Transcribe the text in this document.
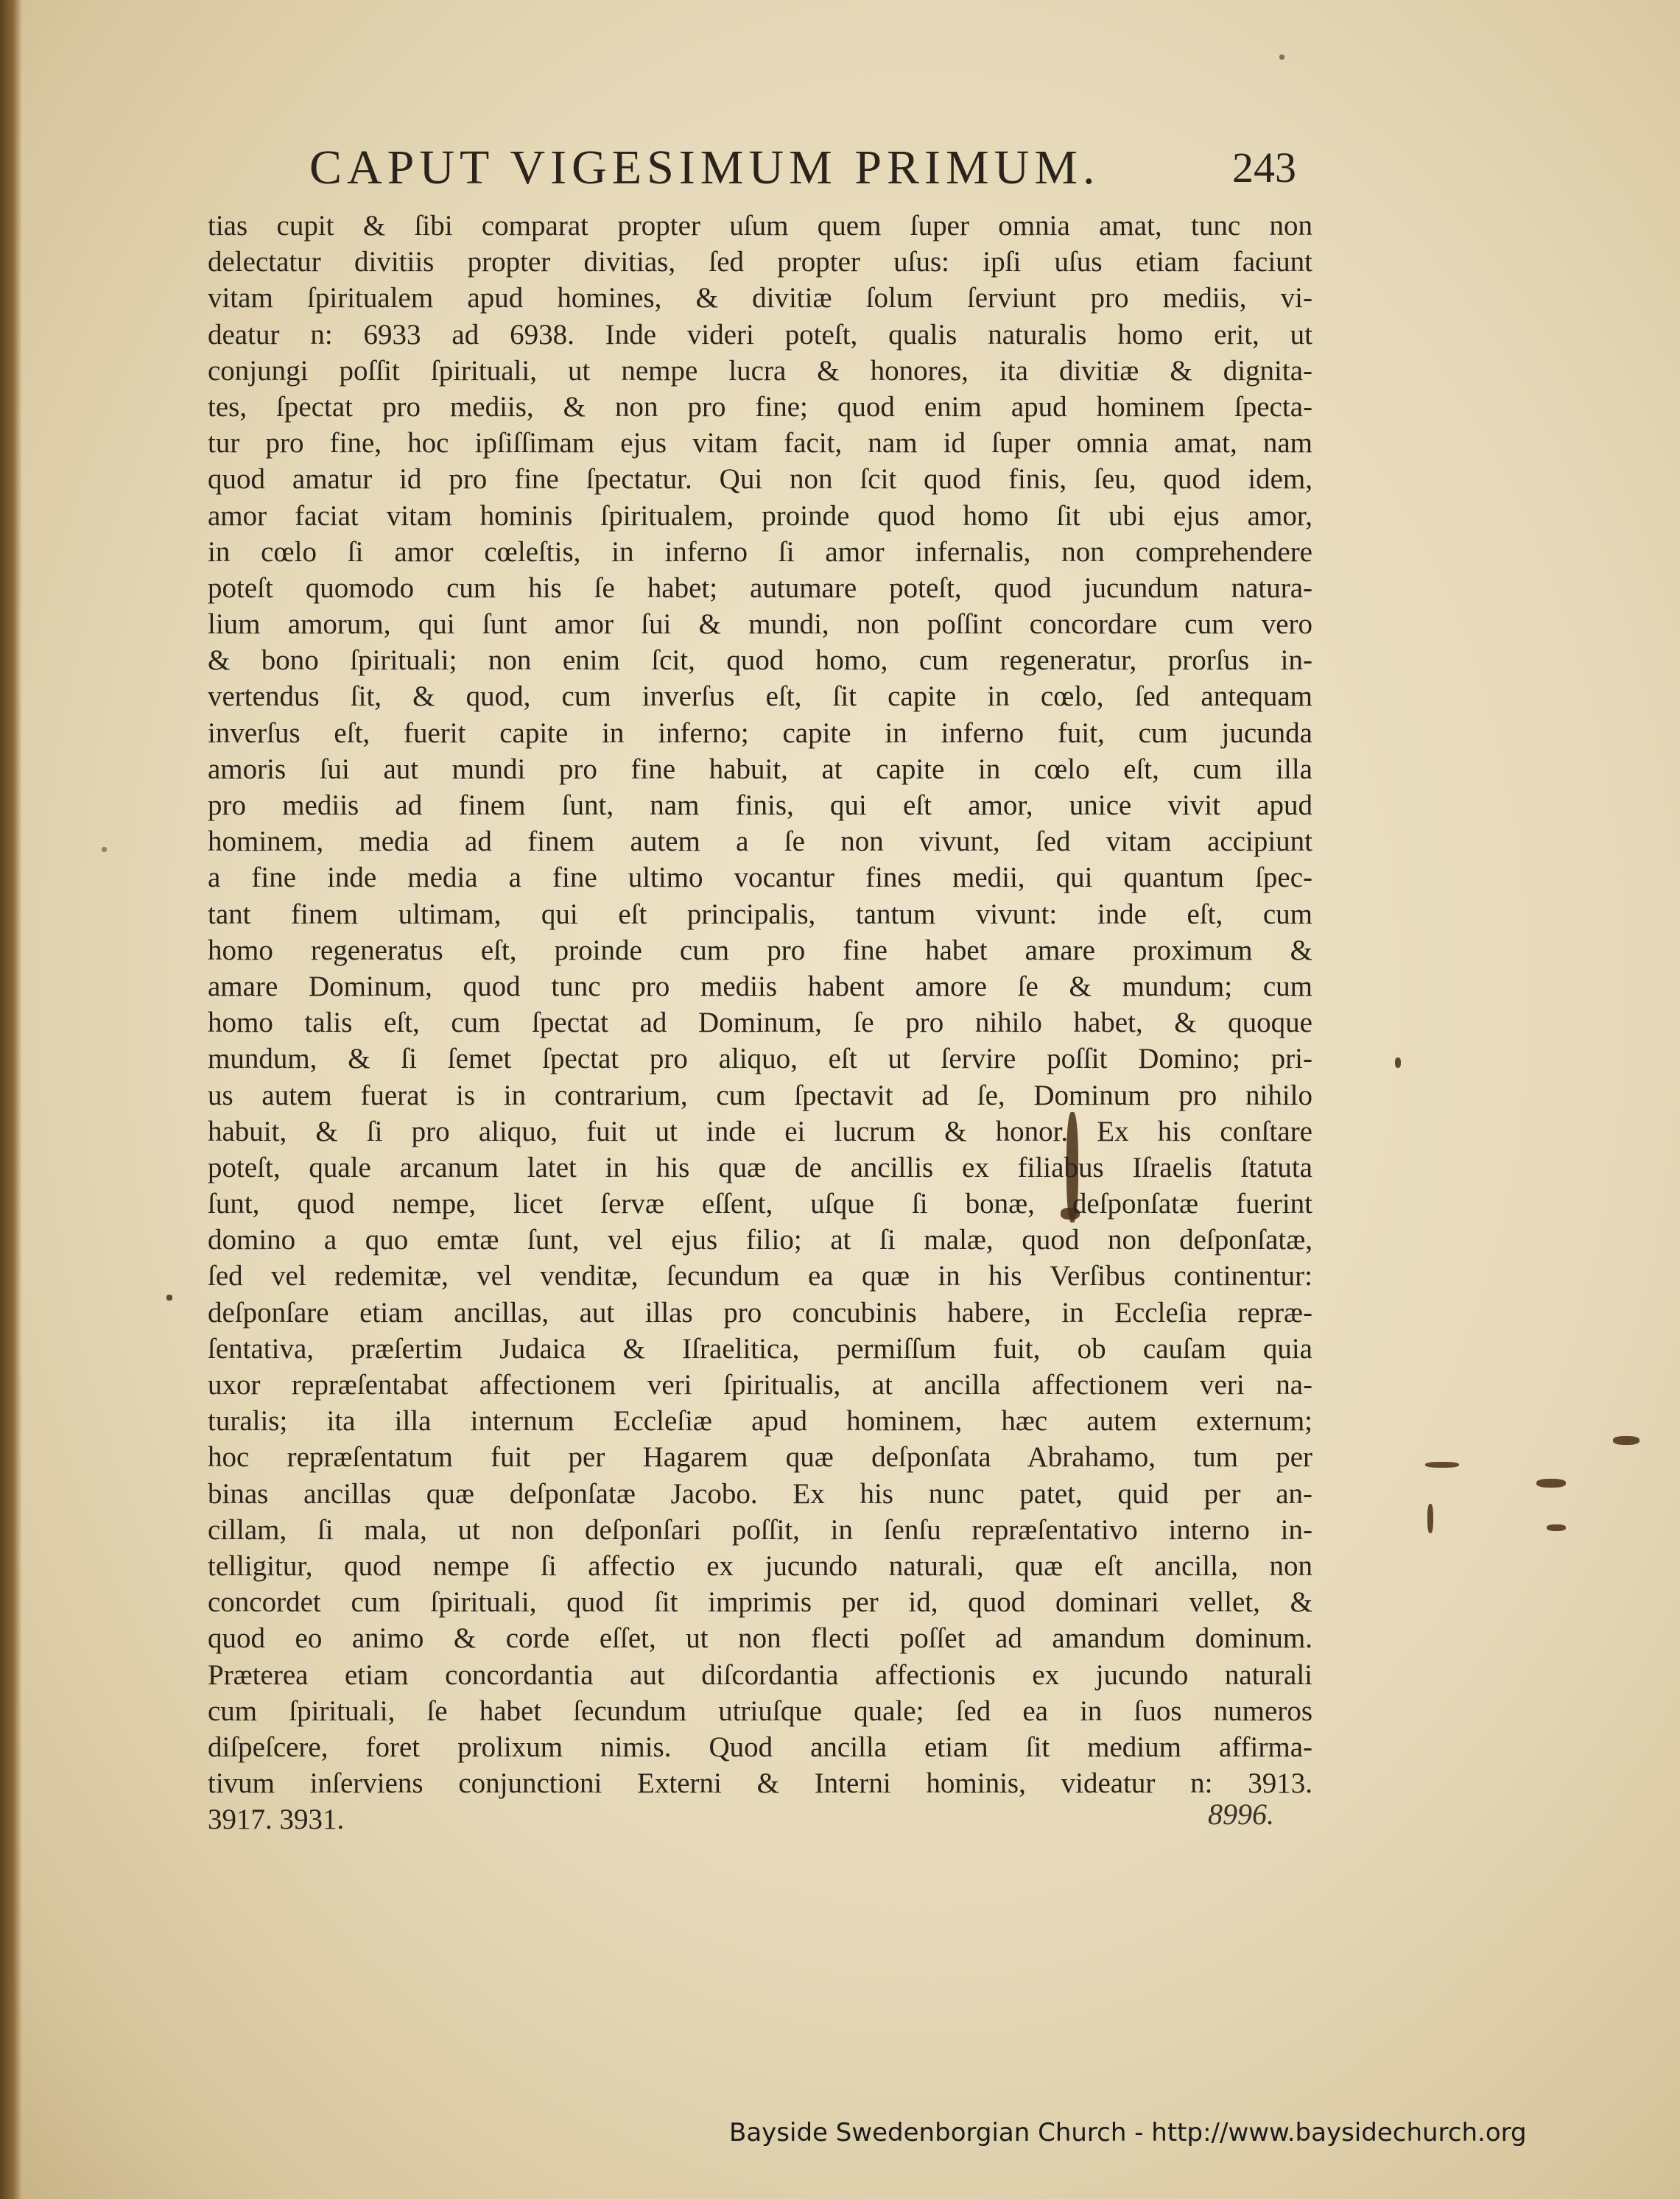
CAPUT VIGESIMUM PRIMUM.	243
tias cupit & ſibi comparat propter uſum quem ſuper omnia amat, tunc non
delectatur divitiis propter divitias, ſed propter uſus: ipſi uſus etiam faciunt
vitam ſpiritualem apud homines, & divitiæ ſolum ſerviunt pro mediis, vi-
deatur n: 6933 ad 6938. Inde videri poteſt, qualis naturalis homo erit, ut
conjungi poſſit ſpirituali, ut nempe lucra & honores, ita divitiæ & dignita-
tes, ſpectat pro mediis, & non pro fine; quod enim apud hominem ſpecta-
tur pro fine, hoc ipſiſſimam ejus vitam facit, nam id ſuper omnia amat, nam
quod amatur id pro fine ſpectatur. Qui non ſcit quod finis, ſeu, quod idem,
amor faciat vitam hominis ſpiritualem, proinde quod homo ſit ubi ejus amor,
in cœlo ſi amor cœleſtis, in inferno ſi amor infernalis, non comprehendere
poteſt quomodo cum his ſe habet; autumare poteſt, quod jucundum natura-
lium amorum, qui ſunt amor ſui & mundi, non poſſint concordare cum vero
& bono ſpirituali; non enim ſcit, quod homo, cum regeneratur, prorſus in-
vertendus ſit, & quod, cum inverſus eſt, ſit capite in cœlo, ſed antequam
inverſus eſt, fuerit capite in inferno; capite in inferno fuit, cum jucunda
amoris ſui aut mundi pro fine habuit, at capite in cœlo eſt, cum illa
pro mediis ad finem ſunt, nam finis, qui eſt amor, unice vivit apud
hominem, media ad finem autem a ſe non vivunt, ſed vitam accipiunt
a fine inde media a fine ultimo vocantur fines medii, qui quantum ſpec-
tant finem ultimam, qui eſt principalis, tantum vivunt: inde eſt, cum
homo regeneratus eſt, proinde cum pro fine habet amare proximum &
amare Dominum, quod tunc pro mediis habent amore ſe & mundum; cum
homo talis eſt, cum ſpectat ad Dominum, ſe pro nihilo habet, & quoque
mundum, & ſi ſemet ſpectat pro aliquo, eſt ut ſervire poſſit Domino; pri-
us autem fuerat is in contrarium, cum ſpectavit ad ſe, Dominum pro nihilo
habuit, & ſi pro aliquo, fuit ut inde ei lucrum & honor. Ex his conſtare
poteſt, quale arcanum latet in his quæ de ancillis ex filiabus Iſraelis ſtatuta
ſunt, quod nempe, licet ſervæ eſſent, uſque ſi bonæ, deſponſatæ fuerint
domino a quo emtæ ſunt, vel ejus filio; at ſi malæ, quod non deſponſatæ,
ſed vel redemitæ, vel venditæ, ſecundum ea quæ in his Verſibus continentur:
deſponſare etiam ancillas, aut illas pro concubinis habere, in Eccleſia repræ-
ſentativa, præſertim Judaica & Iſraelitica, permiſſum fuit, ob cauſam quia
uxor repræſentabat affectionem veri ſpiritualis, at ancilla affectionem veri na-
turalis; ita illa internum Eccleſiæ apud hominem, hæc autem externum;
hoc repræſentatum fuit per Hagarem quæ deſponſata Abrahamo, tum per
binas ancillas quæ deſponſatæ Jacobo. Ex his nunc patet, quid per an-
cillam, ſi mala, ut non deſponſari poſſit, in ſenſu repræſentativo interno in-
telligitur, quod nempe ſi affectio ex jucundo naturali, quæ eſt ancilla, non
concordet cum ſpirituali, quod ſit imprimis per id, quod dominari vellet, &
quod eo animo & corde eſſet, ut non flecti poſſet ad amandum dominum.
Præterea etiam concordantia aut diſcordantia affectionis ex jucundo naturali
cum ſpirituali, ſe habet ſecundum utriuſque quale; ſed ea in ſuos numeros
diſpeſcere, foret prolixum nimis. Quod ancilla etiam ſit medium affirma-
tivum inſerviens conjunctioni Externi & Interni hominis, videatur n: 3913.
3917. 3931.	8996.
Bayside Swedenborgian Church - http://www.baysidechurch.org
